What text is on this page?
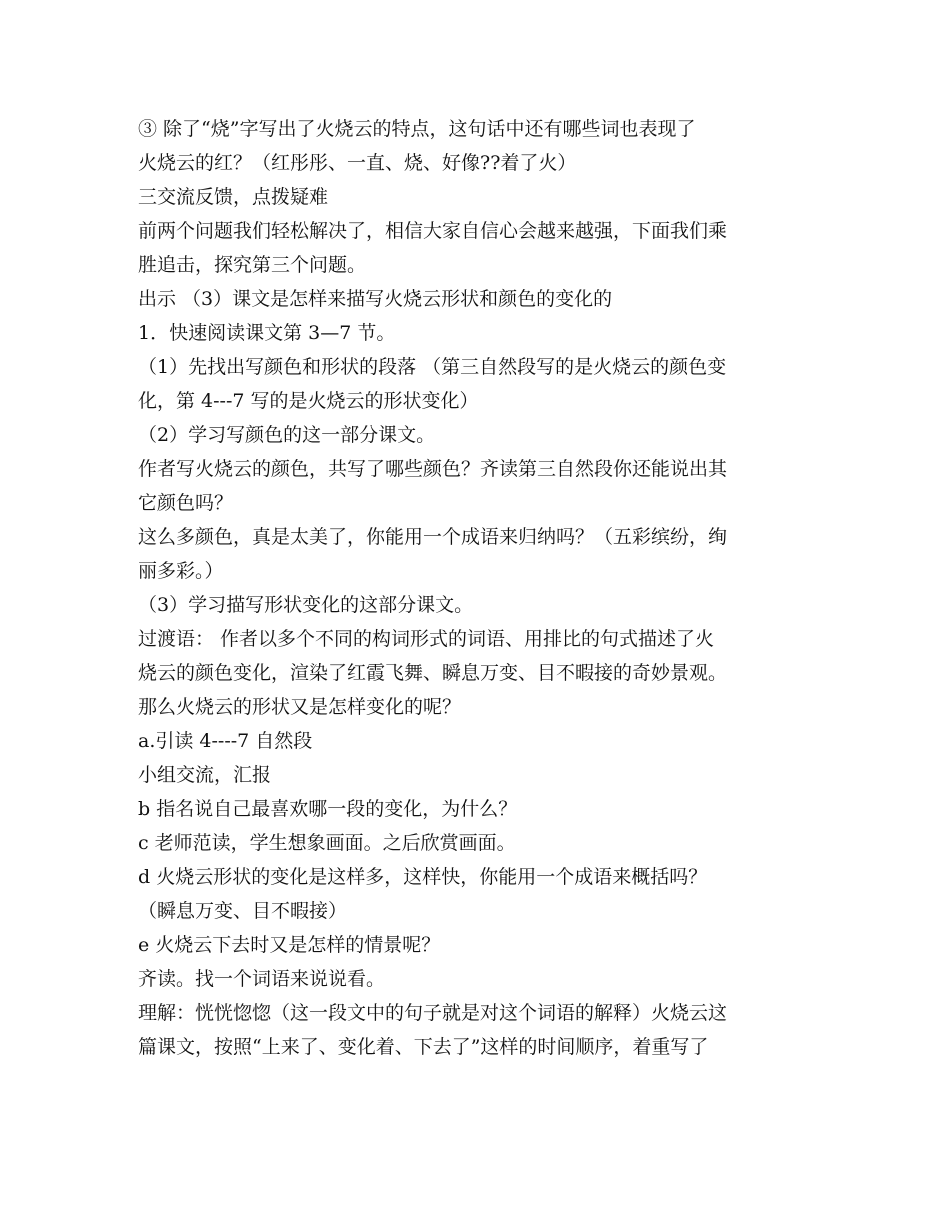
③ 除了“烧”字写出了火烧云的特点，这句话中还有哪些词也表现了
火烧云的红？（红彤彤、一直、烧、好像??着了火）
三交流反馈，点拨疑难
前两个问题我们轻松解决了，相信大家自信心会越来越强，下面我们乘
胜追击，探究第三个问题。
出示 （3）课文是怎样来描写火烧云形状和颜色的变化的
1．快速阅读课文第 3—7 节。
（1）先找出写颜色和形状的段落 （第三自然段写的是火烧云的颜色变
化，第 4---7 写的是火烧云的形状变化）
（2）学习写颜色的这一部分课文。
作者写火烧云的颜色，共写了哪些颜色？齐读第三自然段你还能说出其
它颜色吗？
这么多颜色，真是太美了，你能用一个成语来归纳吗？（五彩缤纷，绚
丽多彩。）
（3）学习描写形状变化的这部分课文。
过渡语： 作者以多个不同的构词形式的词语、用排比的句式描述了火
烧云的颜色变化，渲染了红霞飞舞、瞬息万变、目不暇接的奇妙景观。
那么火烧云的形状又是怎样变化的呢？
a.引读 4----7 自然段
小组交流，汇报
b 指名说自己最喜欢哪一段的变化，为什么？
c 老师范读，学生想象画面。之后欣赏画面。
d 火烧云形状的变化是这样多，这样快，你能用一个成语来概括吗？
（瞬息万变、目不暇接）
e 火烧云下去时又是怎样的情景呢？
齐读。找一个词语来说说看。
理解：恍恍惚惚（这一段文中的句子就是对这个词语的解释）火烧云这
篇课文，按照“上来了、变化着、下去了”这样的时间顺序，着重写了
